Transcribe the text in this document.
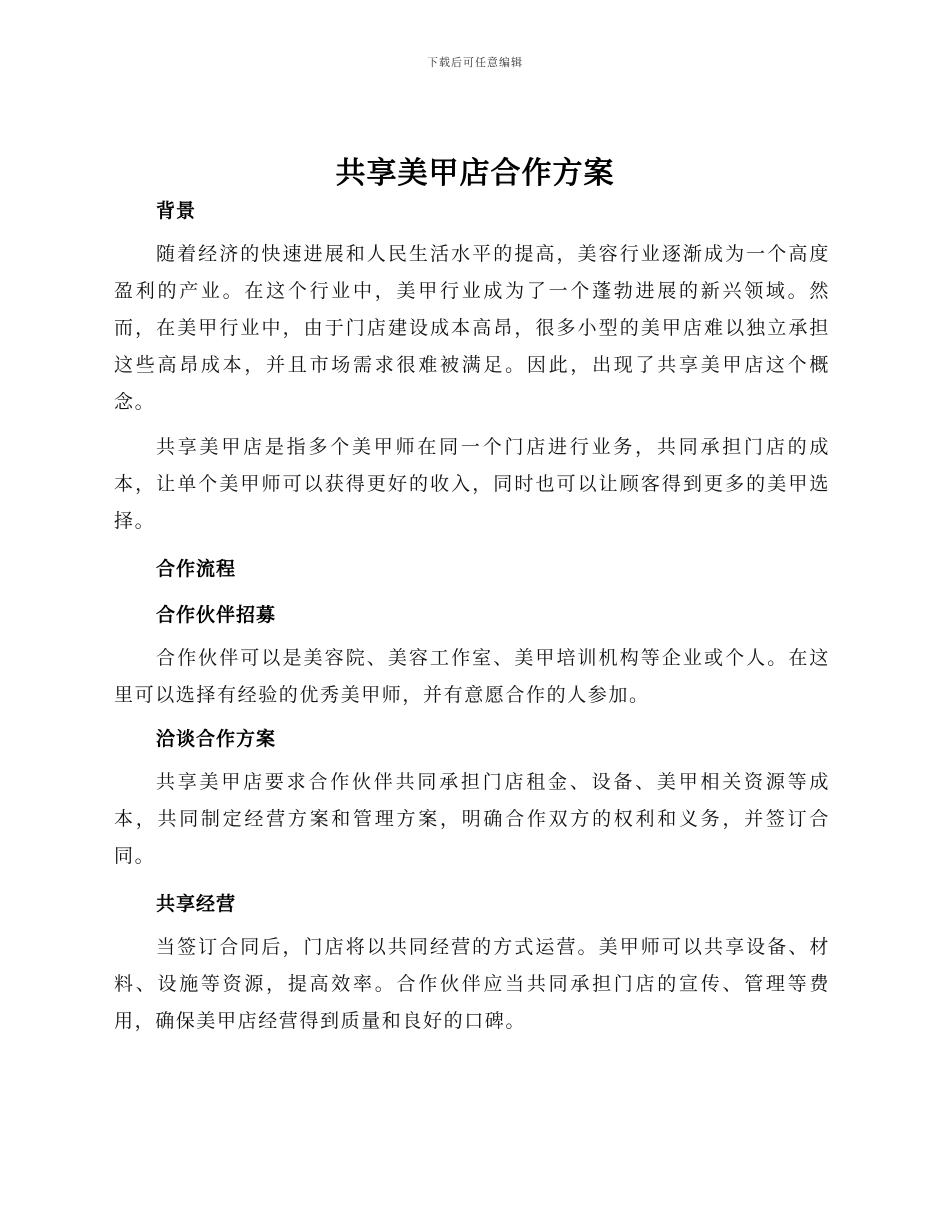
下载后可任意编辑
共享美甲店合作方案
背景

随着经济的快速进展和人民生活水平的提高，美容行业逐渐成为一个高度盈利的产业。在这个行业中，美甲行业成为了一个蓬勃进展的新兴领域。然而，在美甲行业中，由于门店建设成本高昂，很多小型的美甲店难以独立承担这些高昂成本，并且市场需求很难被满足。因此，出现了共享美甲店这个概念。

共享美甲店是指多个美甲师在同一个门店进行业务，共同承担门店的成本，让单个美甲师可以获得更好的收入，同时也可以让顾客得到更多的美甲选择。

合作流程
合作伙伴招募

合作伙伴可以是美容院、美容工作室、美甲培训机构等企业或个人。在这里可以选择有经验的优秀美甲师，并有意愿合作的人参加。

洽谈合作方案

共享美甲店要求合作伙伴共同承担门店租金、设备、美甲相关资源等成本，共同制定经营方案和管理方案，明确合作双方的权利和义务，并签订合同。

共享经营

当签订合同后，门店将以共同经营的方式运营。美甲师可以共享设备、材料、设施等资源，提高效率。合作伙伴应当共同承担门店的宣传、管理等费用，确保美甲店经营得到质量和良好的口碑。
